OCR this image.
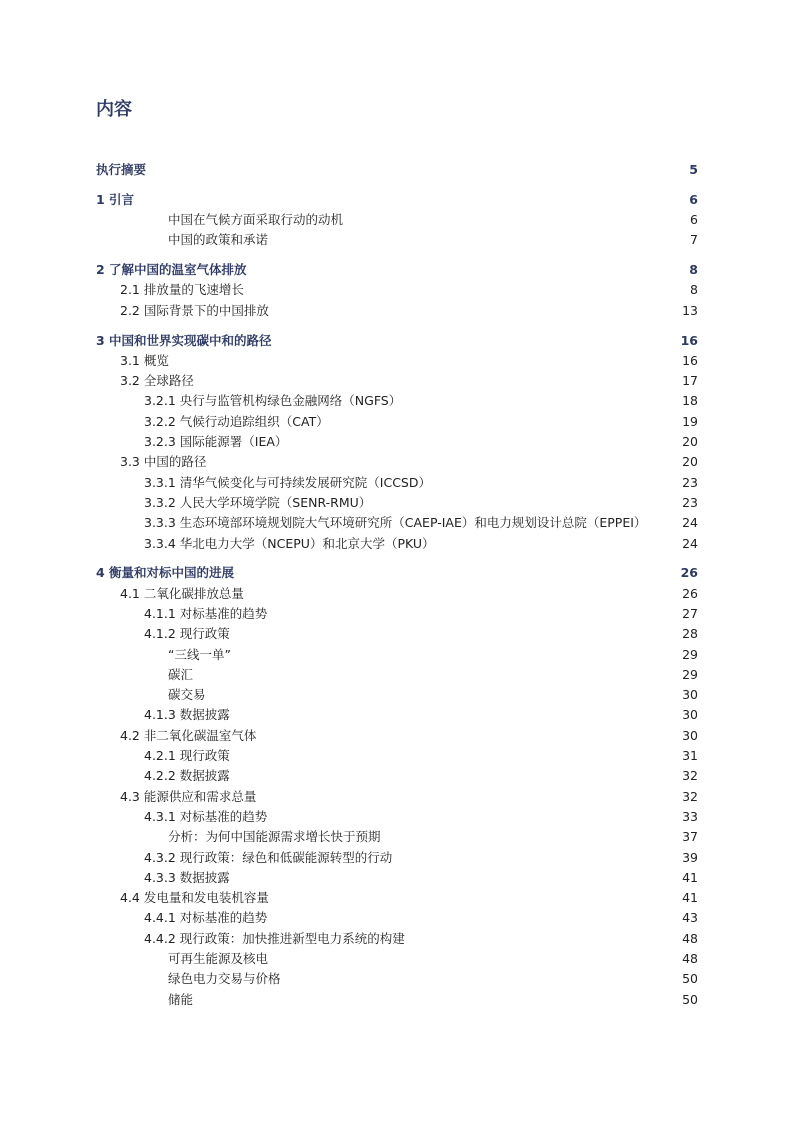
内容
执行摘要	5
1 引言	6
中国在气候方面采取行动的动机	6
中国的政策和承诺	7
2 了解中国的温室气体排放	8
2.1 排放量的飞速增长	8
2.2 国际背景下的中国排放	13
3 中国和世界实现碳中和的路径	16
3.1 概览	16
3.2 全球路径	17
3.2.1 央行与监管机构绿色金融网络（NGFS）	18
3.2.2 气候行动追踪组织（CAT）	19
3.2.3 国际能源署（IEA）	20
3.3 中国的路径	20
3.3.1 清华气候变化与可持续发展研究院（ICCSD）	23
3.3.2 人民大学环境学院（SENR-RMU）	23
3.3.3 生态环境部环境规划院大气环境研究所（CAEP-IAE）和电力规划设计总院（EPPEI）	24
3.3.4 华北电力大学（NCEPU）和北京大学（PKU）	24
4 衡量和对标中国的进展	26
4.1 二氧化碳排放总量	26
4.1.1 对标基准的趋势	27
4.1.2 现行政策	28
“三线一单”	29
碳汇	29
碳交易	30
4.1.3 数据披露	30
4.2 非二氧化碳温室气体	30
4.2.1 现行政策	31
4.2.2 数据披露	32
4.3 能源供应和需求总量	32
4.3.1 对标基准的趋势	33
分析：为何中国能源需求增长快于预期	37
4.3.2 现行政策：绿色和低碳能源转型的行动	39
4.3.3 数据披露	41
4.4 发电量和发电装机容量	41
4.4.1 对标基准的趋势	43
4.4.2 现行政策：加快推进新型电力系统的构建	48
可再生能源及核电	48
绿色电力交易与价格	50
储能	50
